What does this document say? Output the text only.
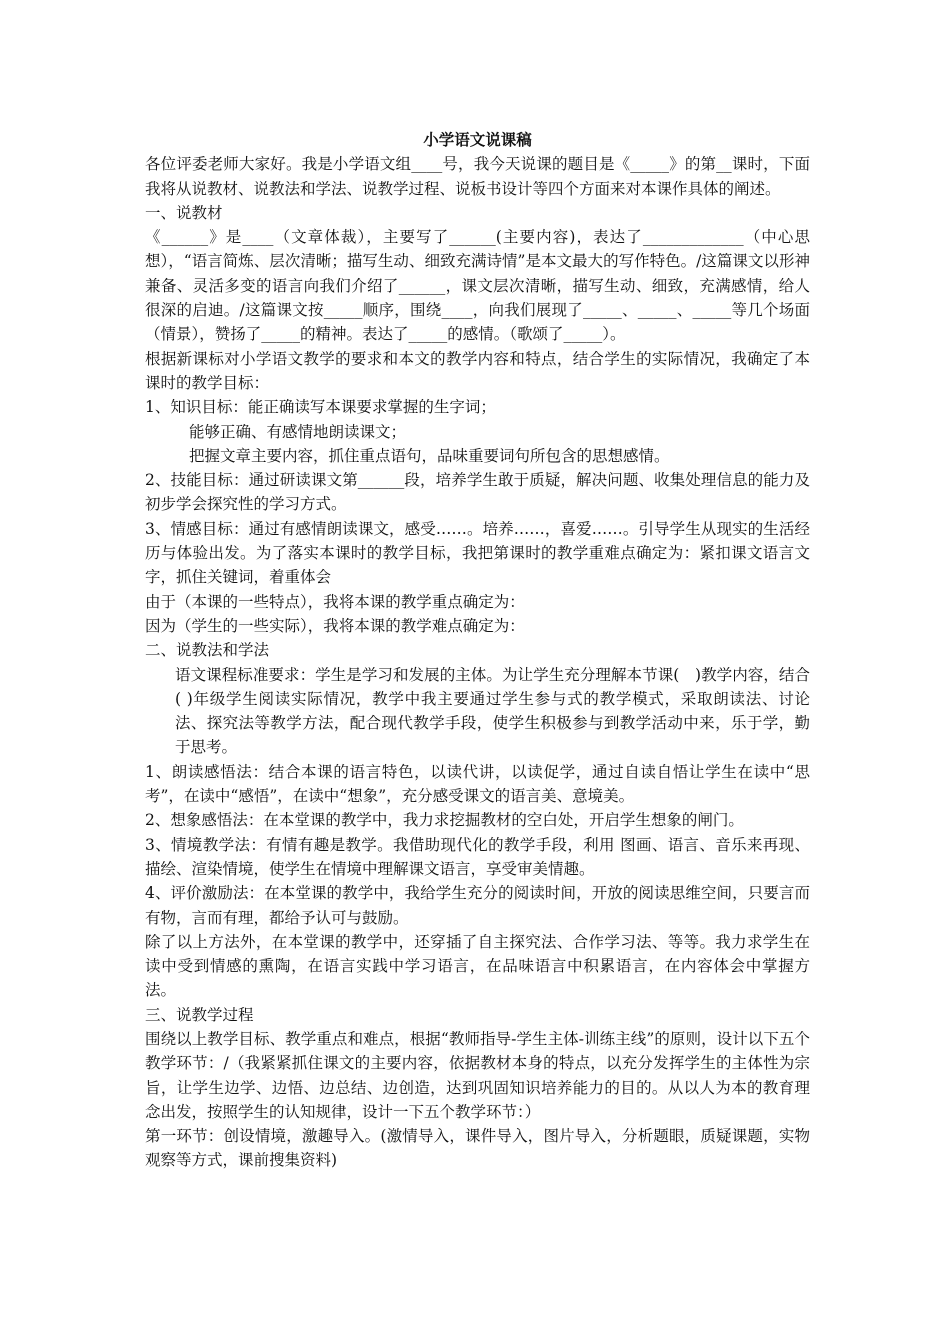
小学语文说课稿

各位评委老师大家好。我是小学语文组____号，我今天说课的题目是《_____》的第__课时，下面我将从说教材、说教法和学法、说教学过程、说板书设计等四个方面来对本课作具体的阐述。

一、说教材

《______》是____（文章体裁），主要写了______(主要内容)，表达了_____________（中心思想），“语言简炼、层次清晰；描写生动、细致充满诗情”是本文最大的写作特色。/这篇课文以形神兼备、灵活多变的语言向我们介绍了______，课文层次清晰，描写生动、细致，充满感情，给人很深的启迪。/这篇课文按_____顺序，围绕____，向我们展现了_____、_____、_____等几个场面（情景），赞扬了_____的精神。表达了_____的感情。（歌颂了_____）。

根据新课标对小学语文教学的要求和本文的教学内容和特点，结合学生的实际情况，我确定了本课时的教学目标：

1、知识目标：能正确读写本课要求掌握的生字词；

能够正确、有感情地朗读课文；

把握文章主要内容，抓住重点语句，品味重要词句所包含的思想感情。

2、技能目标：通过研读课文第______段，培养学生敢于质疑，解决问题、收集处理信息的能力及初步学会探究性的学习方式。

3、情感目标：通过有感情朗读课文，感受……。培养……，喜爱……。引导学生从现实的生活经历与体验出发。为了落实本课时的教学目标，我把第课时的教学重难点确定为：紧扣课文语言文字，抓住关键词，着重体会

由于（本课的一些特点），我将本课的教学重点确定为：

因为（学生的一些实际），我将本课的教学难点确定为：

二、说教法和学法

语文课程标准要求：学生是学习和发展的主体。为让学生充分理解本节课(　)教学内容，结合( )年级学生阅读实际情况，教学中我主要通过学生参与式的教学模式，采取朗读法、讨论法、探究法等教学方法，配合现代教学手段，使学生积极参与到教学活动中来，乐于学，勤于思考。

1、朗读感悟法：结合本课的语言特色，以读代讲，以读促学，通过自读自悟让学生在读中“思考”，在读中“感悟”，在读中“想象”，充分感受课文的语言美、意境美。

2、想象感悟法：在本堂课的教学中，我力求挖掘教材的空白处，开启学生想象的闸门。

3、情境教学法：有情有趣是教学。我借助现代化的教学手段，利用 图画、语言、音乐来再现、描绘、渲染情境，使学生在情境中理解课文语言，享受审美情趣。

4、评价激励法：在本堂课的教学中，我给学生充分的阅读时间，开放的阅读思维空间，只要言而有物，言而有理，都给予认可与鼓励。

除了以上方法外，在本堂课的教学中，还穿插了自主探究法、合作学习法、等等。我力求学生在读中受到情感的熏陶，在语言实践中学习语言，在品味语言中积累语言，在内容体会中掌握方法。

三、说教学过程

围绕以上教学目标、教学重点和难点，根据“教师指导-学生主体-训练主线”的原则，设计以下五个教学环节：/（我紧紧抓住课文的主要内容，依据教材本身的特点，以充分发挥学生的主体性为宗旨，让学生边学、边悟、边总结、边创造，达到巩固知识培养能力的目的。从以人为本的教育理念出发，按照学生的认知规律，设计一下五个教学环节：）

第一环节：创设情境，激趣导入。(激情导入，课件导入，图片导入，分析题眼，质疑课题，实物观察等方式，课前搜集资料)
